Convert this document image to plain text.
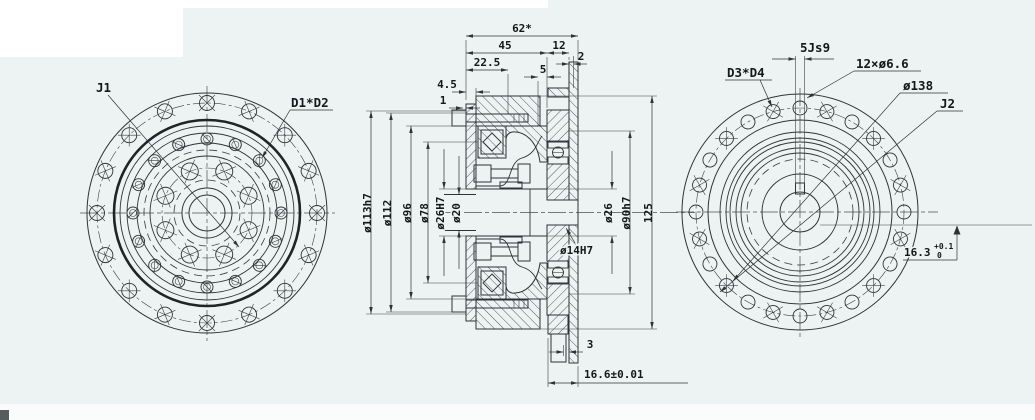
J1
D1*D2
62*
45	12
22.5
5
4.5
1
2
ø113h7 ø112 ø96 ø78 ø26H7 ø20	ø26 ø90h7 125
ø14H7
3
16.6±0.01
5Js9
12×ø6.6
ø138
J2
D3*D4
16.3 +0.1
0
